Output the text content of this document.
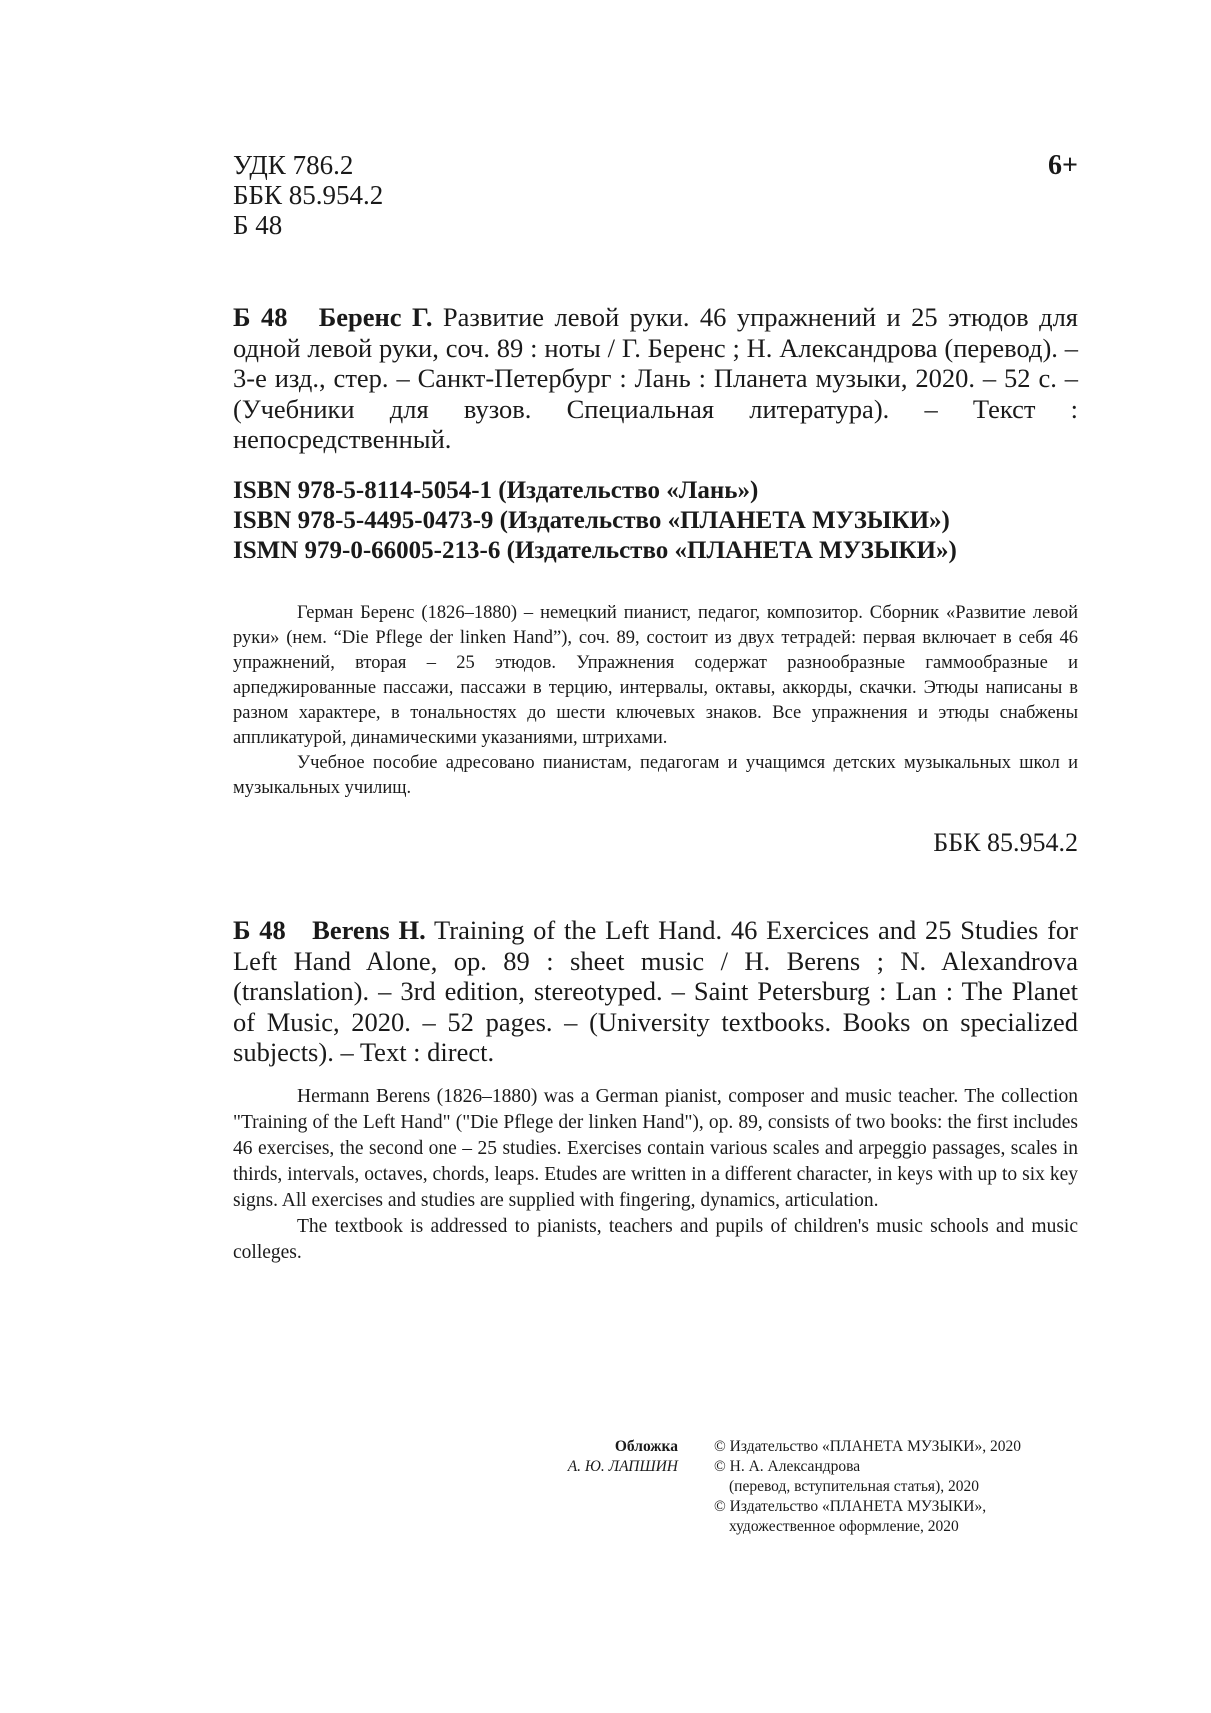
УДК 786.2
ББК 85.954.2
Б 48
6+
Б 48 Беренс Г. Развитие левой руки. 46 упражнений и 25 этюдов для одной левой руки, соч. 89 : ноты / Г. Беренс ; Н. Александрова (перевод). – 3-е изд., стер. – Санкт-Петербург : Лань : Планета музыки, 2020. – 52 с. – (Учебники для вузов. Специальная литература). – Текст : непосредственный.
ISBN 978-5-8114-5054-1 (Издательство «Лань»)
ISBN 978-5-4495-0473-9 (Издательство «ПЛАНЕТА МУЗЫКИ»)
ISMN 979-0-66005-213-6 (Издательство «ПЛАНЕТА МУЗЫКИ»)

Герман Беренс (1826–1880) – немецкий пианист, педагог, композитор. Сборник «Развитие левой руки» (нем. “Die Pflege der linken Hand”), соч. 89, состоит из двух тетрадей: первая включает в себя 46 упражнений, вторая – 25 этюдов. Упражнения содержат разнообразные гаммообразные и арпеджированные пассажи, пассажи в терцию, интервалы, октавы, аккорды, скачки. Этюды написаны в разном характере, в тональностях до шести ключевых знаков. Все упражнения и этюды снабжены аппликатурой, динамическими указаниями, штрихами.

Учебное пособие адресовано пианистам, педагогам и учащимся детских музыкальных школ и музыкальных училищ.

ББК 85.954.2
Б 48 Berens H. Training of the Left Hand. 46 Exercices and 25 Studies for Left Hand Alone, op. 89 : sheet music / H. Berens ; N. Alexandrova (translation). – 3rd edition, stereotyped. – Saint Petersburg : Lan : The Planet of Music, 2020. – 52 pages. – (University textbooks. Books on specialized subjects). – Text : direct.

Hermann Berens (1826–1880) was a German pianist, composer and music teacher. The collection "Training of the Left Hand" ("Die Pflege der linken Hand"), op. 89, consists of two books: the first includes 46 exercises, the second one – 25 studies. Exercises contain various scales and arpeggio passages, scales in thirds, intervals, octaves, chords, leaps. Etudes are written in a different character, in keys with up to six key signs. All exercises and studies are supplied with fingering, dynamics, articulation.

The textbook is addressed to pianists, teachers and pupils of children's music schools and music colleges.

Обложка
А. Ю. ЛАПШИН
© Издательство «ПЛАНЕТА МУЗЫКИ», 2020
© Н. А. Александрова
(перевод, вступительная статья), 2020
© Издательство «ПЛАНЕТА МУЗЫКИ»,
художественное оформление, 2020
